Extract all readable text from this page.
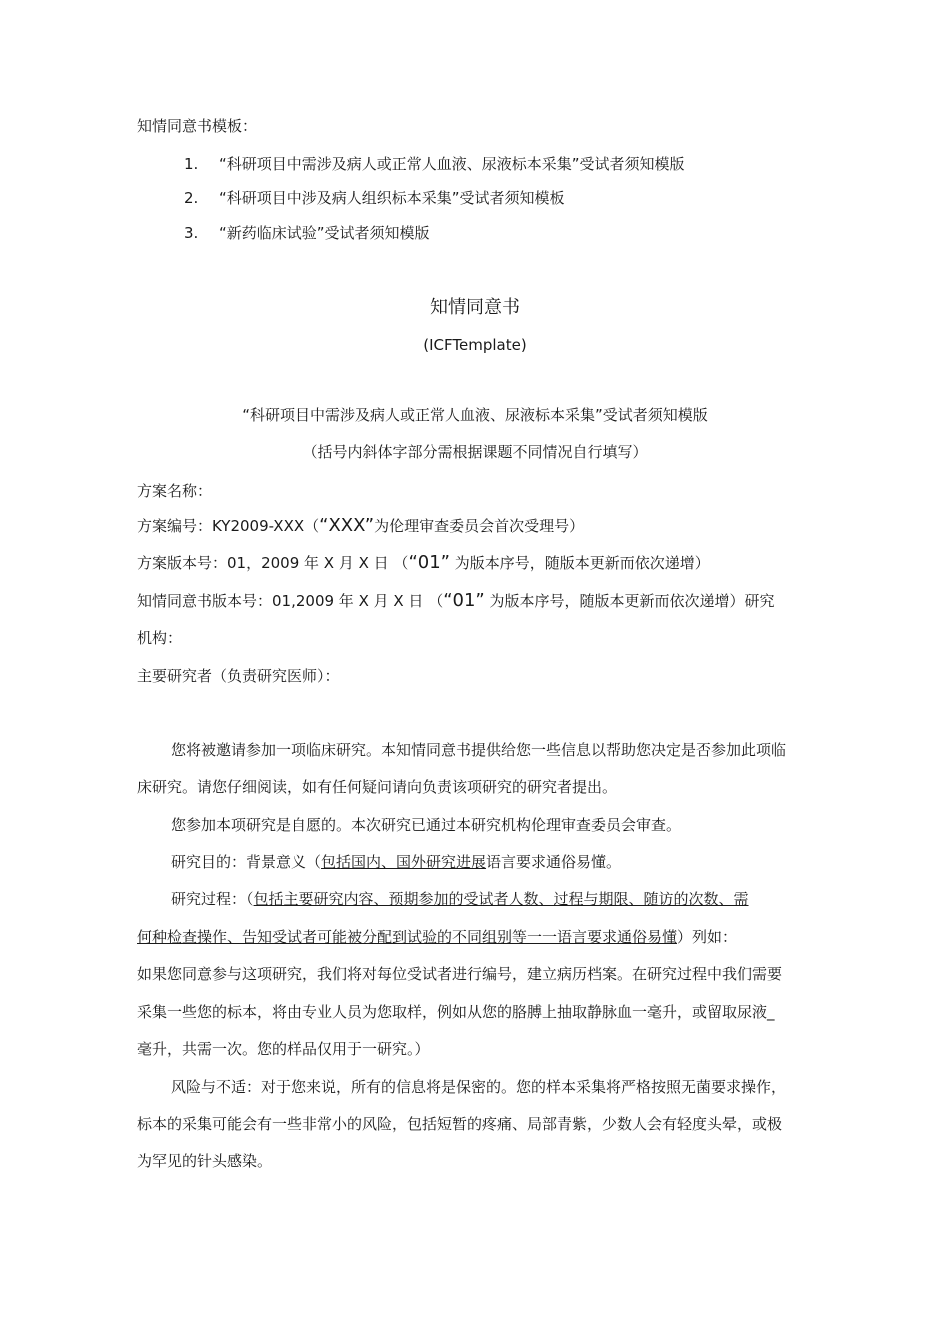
知情同意书模板：
1. “科研项目中需涉及病人或正常人血液、尿液标本采集”受试者须知模版
2. “科研项目中涉及病人组织标本采集”受试者须知模板
3. “新药临床试验”受试者须知模版
知情同意书
(ICFTemplate)
“科研项目中需涉及病人或正常人血液、尿液标本采集”受试者须知模版
（括号内斜体字部分需根据课题不同情况自行填写）
方案名称：
方案编号：KY2009-XXX（“XXX”为伦理审查委员会首次受理号）
方案版本号：01，2009 年 X 月 X 日 （“01” 为版本序号，随版本更新而依次递增）
知情同意书版本号：01,2009 年 X 月 X 日 （“01” 为版本序号，随版本更新而依次递增）研究
机构：
主要研究者（负责研究医师）：
您将被邀请参加一项临床研究。本知情同意书提供给您一些信息以帮助您决定是否参加此项临
床研究。请您仔细阅读，如有任何疑问请向负责该项研究的研究者提出。
您参加本项研究是自愿的。本次研究已通过本研究机构伦理审查委员会审查。
研究目的：背景意义（包括国内、国外研究进展语言要求通俗易懂。
研究过程：（包括主要研究内容、预期参加的受试者人数、过程与期限、随访的次数、需
何种检查操作、告知受试者可能被分配到试验的不同组别等一一语言要求通俗易懂）列如：
如果您同意参与这项研究，我们将对每位受试者进行编号，建立病历档案。在研究过程中我们需要
采集一些您的标本，将由专业人员为您取样，例如从您的胳膊上抽取静脉血一毫升，或留取尿液_
毫升，共需一次。您的样品仅用于一研究。）
风险与不适：对于您来说，所有的信息将是保密的。您的样本采集将严格按照无菌要求操作，
标本的采集可能会有一些非常小的风险，包括短暂的疼痛、局部青紫，少数人会有轻度头晕，或极
为罕见的针头感染。
